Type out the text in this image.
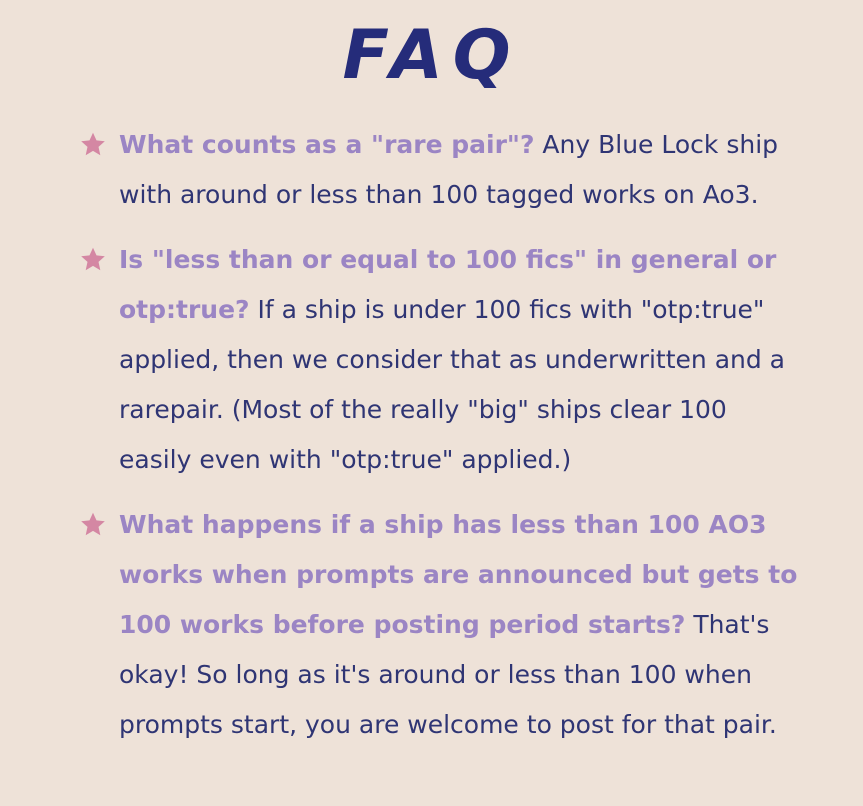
FAQ
What counts as a "rare pair"? Any Blue Lock ship with around or less than 100 tagged works on Ao3.
Is "less than or equal to 100 fics" in general or otp:true? If a ship is under 100 fics with "otp:true" applied, then we consider that as underwritten and a rarepair. (Most of the really "big" ships clear 100 easily even with "otp:true" applied.)
What happens if a ship has less than 100 AO3 works when prompts are announced but gets to 100 works before posting period starts? That's okay! So long as it's around or less than 100 when prompts start, you are welcome to post for that pair.
